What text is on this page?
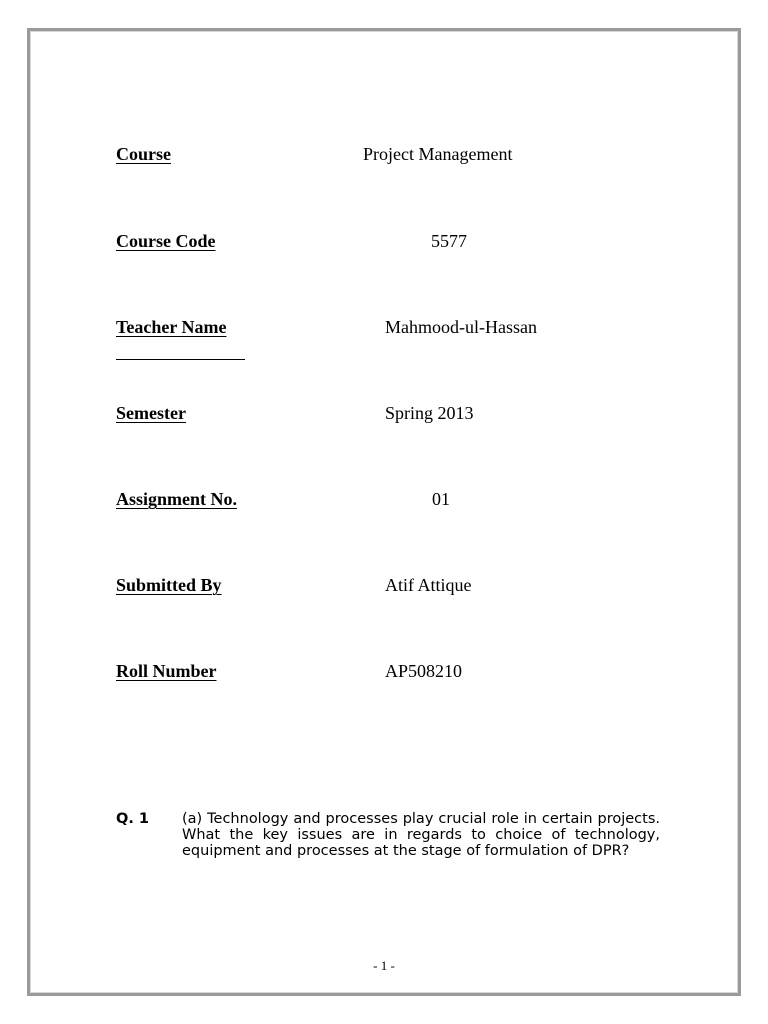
Course	Project Management
Course Code	5577
Teacher Name	Mahmood-ul-Hassan
Semester	Spring 2013
Assignment No.	01
Submitted By	Atif Attique
Roll Number	AP508210
Q. 1 (a) Technology and processes play crucial role in certain projects. What the key issues are in regards to choice of technology, equipment and processes at the stage of formulation of DPR?
- 1 -
